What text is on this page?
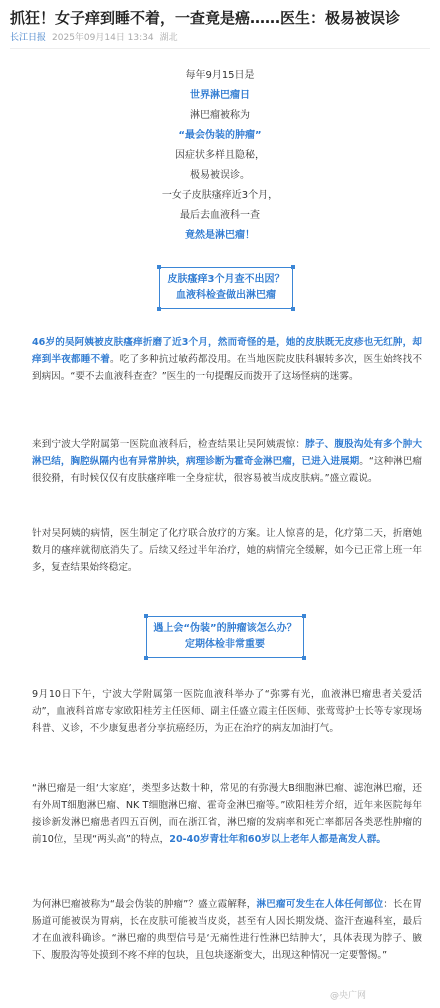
抓狂！女子痒到睡不着，一查竟是癌……医生：极易被误诊
长江日报 2025年09月14日 13:34 湖北
每年9月15日是
世界淋巴瘤日
淋巴瘤被称为
“最会伪装的肿瘤”
因症状多样且隐秘，
极易被误诊。
一女子皮肤瘙痒近3个月，
最后去血液科一查
竟然是淋巴瘤！
皮肤瘙痒3个月查不出因？
血液科检查做出淋巴瘤
46岁的吴阿姨被皮肤瘙痒折磨了近3个月，然而奇怪的是，她的皮肤既无皮疹也无红肿，却痒到半夜都睡不着。吃了多种抗过敏药都没用。在当地医院皮肤科辗转多次，医生始终找不到病因。“要不去血液科查查？”医生的一句提醒反而拨开了这场怪病的迷雾。
来到宁波大学附属第一医院血液科后，检查结果让吴阿姨震惊：脖子、腹股沟处有多个肿大淋巴结，胸腔纵隔内也有异常肿块，病理诊断为霍奇金淋巴瘤，已进入进展期。“这种淋巴瘤很狡猾，有时候仅仅有皮肤瘙痒唯一全身症状，很容易被当成皮肤病。”盛立霞说。
针对吴阿姨的病情，医生制定了化疗联合放疗的方案。让人惊喜的是，化疗第二天，折磨她数月的瘙痒就彻底消失了。后续又经过半年治疗，她的病情完全缓解，如今已正常上班一年多，复查结果始终稳定。
遇上会“伪装”的肿瘤该怎么办？
定期体检非常重要
9月10日下午，宁波大学附属第一医院血液科举办了“弥雾有光，血液淋巴瘤患者关爱活动”，血液科首席专家欧阳桂芳主任医师、副主任盛立霞主任医师、张莺莺护士长等专家现场科普、义诊，不少康复患者分享抗癌经历，为正在治疗的病友加油打气。
“淋巴瘤是一组‘大家庭’，类型多达数十种，常见的有弥漫大B细胞淋巴瘤、滤泡淋巴瘤，还有外周T细胞淋巴瘤、NK T细胞淋巴瘤、霍奇金淋巴瘤等。”欧阳桂芳介绍，近年来医院每年接诊新发淋巴瘤患者四五百例，而在浙江省，淋巴瘤的发病率和死亡率都居各类恶性肿瘤的前10位，呈现“两头高”的特点，20-40岁青壮年和60岁以上老年人都是高发人群。
为何淋巴瘤被称为“最会伪装的肿瘤”？盛立霞解释，淋巴瘤可发生在人体任何部位：长在胃肠道可能被误为胃病，长在皮肤可能被当皮炎，甚至有人因长期发烧、盗汗查遍科室，最后才在血液科确诊。“淋巴瘤的典型信号是‘无痛性进行性淋巴结肿大’，具体表现为脖子、腋下、腹股沟等处摸到不疼不痒的包块，且包块逐渐变大，出现这种情况一定要警惕。”
@央广网
